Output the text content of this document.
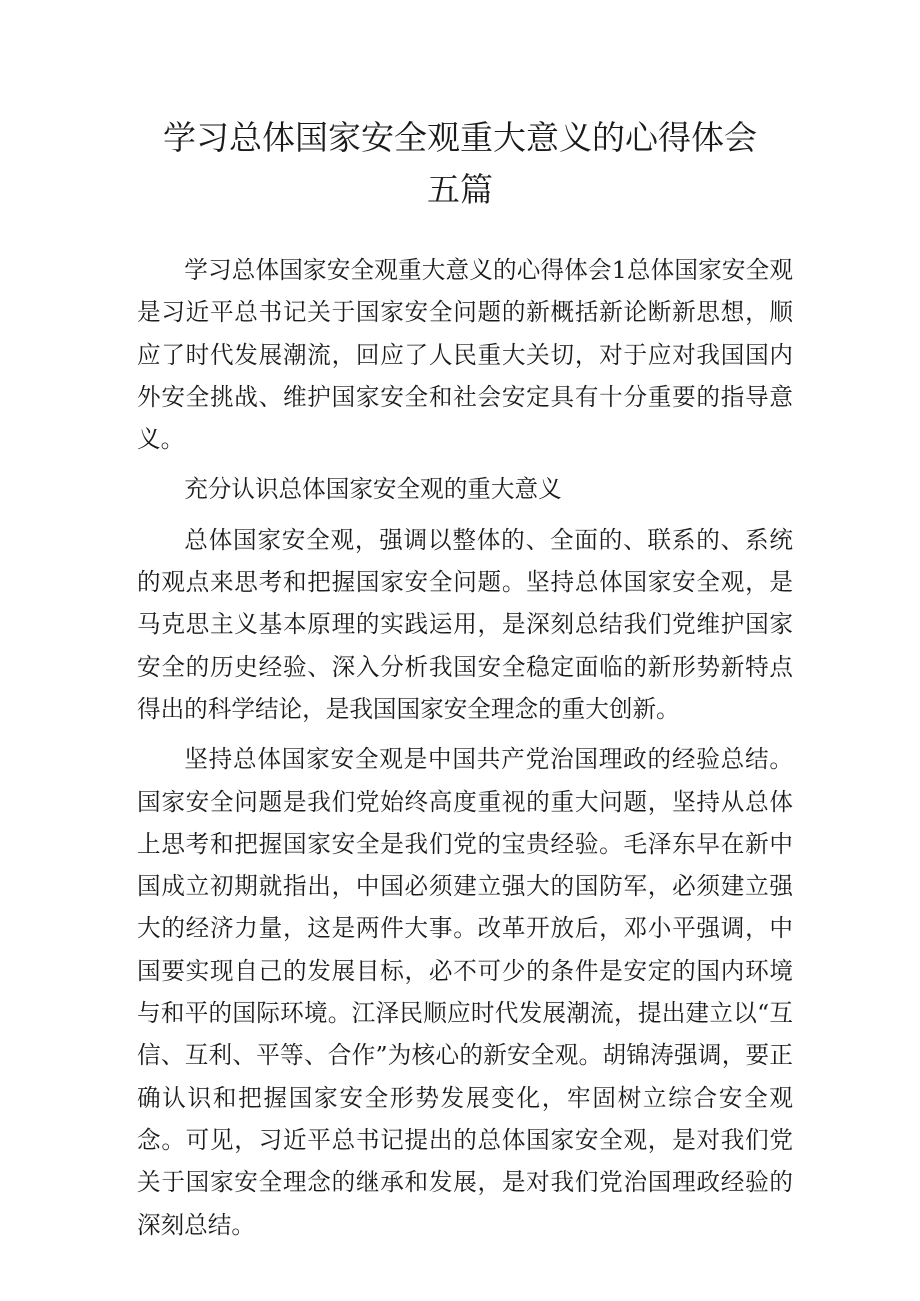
学习总体国家安全观重大意义的心得体会
五篇

学习总体国家安全观重大意义的心得体会1总体国家安全观是习近平总书记关于国家安全问题的新概括新论断新思想，顺应了时代发展潮流，回应了人民重大关切，对于应对我国国内外安全挑战、维护国家安全和社会安定具有十分重要的指导意义。

充分认识总体国家安全观的重大意义

总体国家安全观，强调以整体的、全面的、联系的、系统的观点来思考和把握国家安全问题。坚持总体国家安全观，是马克思主义基本原理的实践运用，是深刻总结我们党维护国家安全的历史经验、深入分析我国安全稳定面临的新形势新特点得出的科学结论，是我国国家安全理念的重大创新。

坚持总体国家安全观是中国共产党治国理政的经验总结。国家安全问题是我们党始终高度重视的重大问题，坚持从总体上思考和把握国家安全是我们党的宝贵经验。毛泽东早在新中国成立初期就指出，中国必须建立强大的国防军，必须建立强大的经济力量，这是两件大事。改革开放后，邓小平强调，中国要实现自己的发展目标，必不可少的条件是安定的国内环境与和平的国际环境。江泽民顺应时代发展潮流，提出建立以“互信、互利、平等、合作”为核心的新安全观。胡锦涛强调，要正确认识和把握国家安全形势发展变化，牢固树立综合安全观念。可见，习近平总书记提出的总体国家安全观，是对我们党关于国家安全理念的继承和发展，是对我们党治国理政经验的深刻总结。
